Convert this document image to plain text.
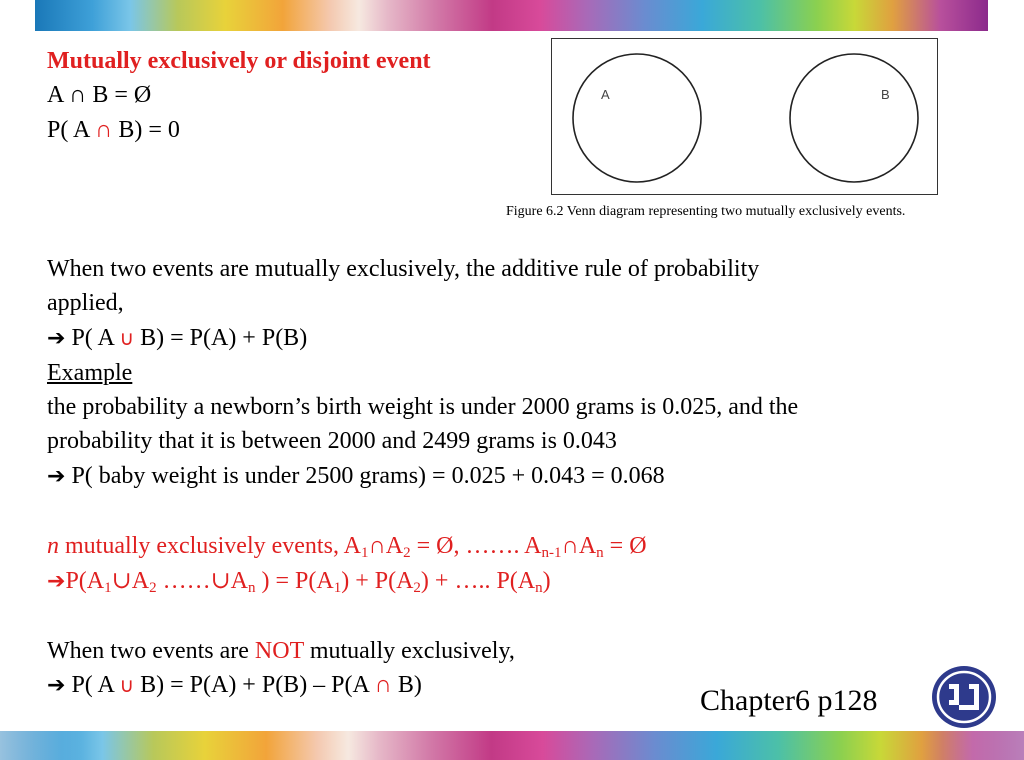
Mutually exclusively or disjoint event
A ∩ B = Ø
P( A ∩ B) = 0
A	B
Figure 6.2 Venn diagram representing two mutually exclusively events.
When two events are mutually exclusively, the additive rule of probability
applied,
➔ P( A ∪ B) = P(A) + P(B)
Example
the probability a newborn’s birth weight is under 2000 grams is 0.025, and the
probability that it is between 2000 and 2499 grams is 0.043
➔ P( baby weight is under 2500 grams) = 0.025 + 0.043 = 0.068
n mutually exclusively events, $A_1\cap A_2$ = Ø, ……. $A_{n-1}\cap A_n$ = Ø
$➔P(A_1\cup A_2$ $\dots\dots\cup A_n$ ) = $P(A_1) + P(A_2)$ + ….. $P(A_n)$
When two events are NOT mutually exclusively,
➔ P( A ∪ B) = P(A) + P(B) – P(A ∩ B)	Chapter6 p128
